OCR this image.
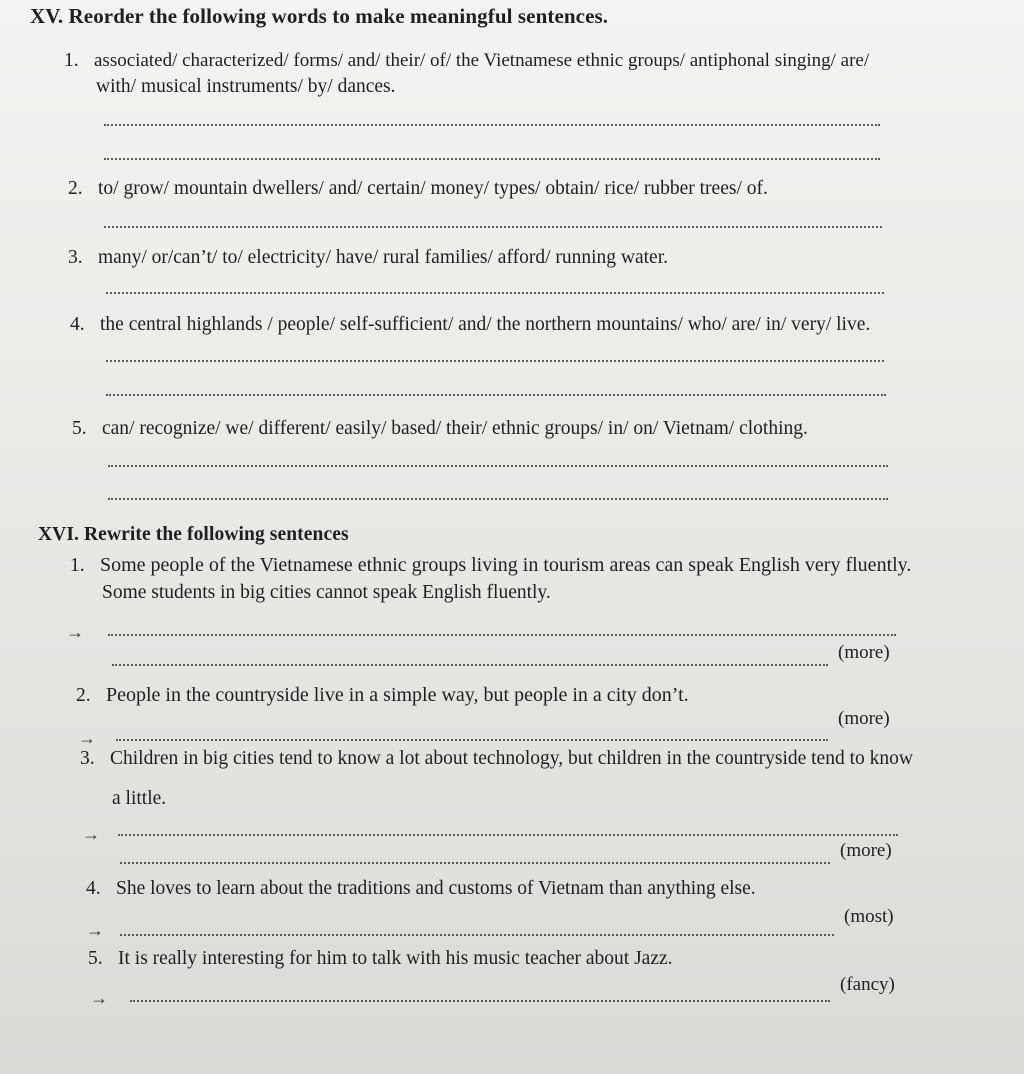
XV. Reorder the following words to make meaningful sentences.
1. associated/ characterized/ forms/ and/ their/ of/ the Vietnamese ethnic groups/ antiphonal singing/ are/
with/ musical instruments/ by/ dances.
2. to/ grow/ mountain dwellers/ and/ certain/ money/ types/ obtain/ rice/ rubber trees/ of.
3. many/ or/can’t/ to/ electricity/ have/ rural families/ afford/ running water.
4. the central highlands / people/ self-sufficient/ and/ the northern mountains/ who/ are/ in/ very/ live.
5. can/ recognize/ we/ different/ easily/ based/ their/ ethnic groups/ in/ on/ Vietnam/ clothing.
XVI. Rewrite the following sentences
1. Some people of the Vietnamese ethnic groups living in tourism areas can speak English very fluently.
Some students in big cities cannot speak English fluently.
→
(more)
2. People in the countryside live in a simple way, but people in a city don’t.
→
(more)
3. Children in big cities tend to know a lot about technology, but children in the countryside tend to know
a little.
→
(more)
4. She loves to learn about the traditions and customs of Vietnam than anything else.
→
(most)
5. It is really interesting for him to talk with his music teacher about Jazz.
→
(fancy)
